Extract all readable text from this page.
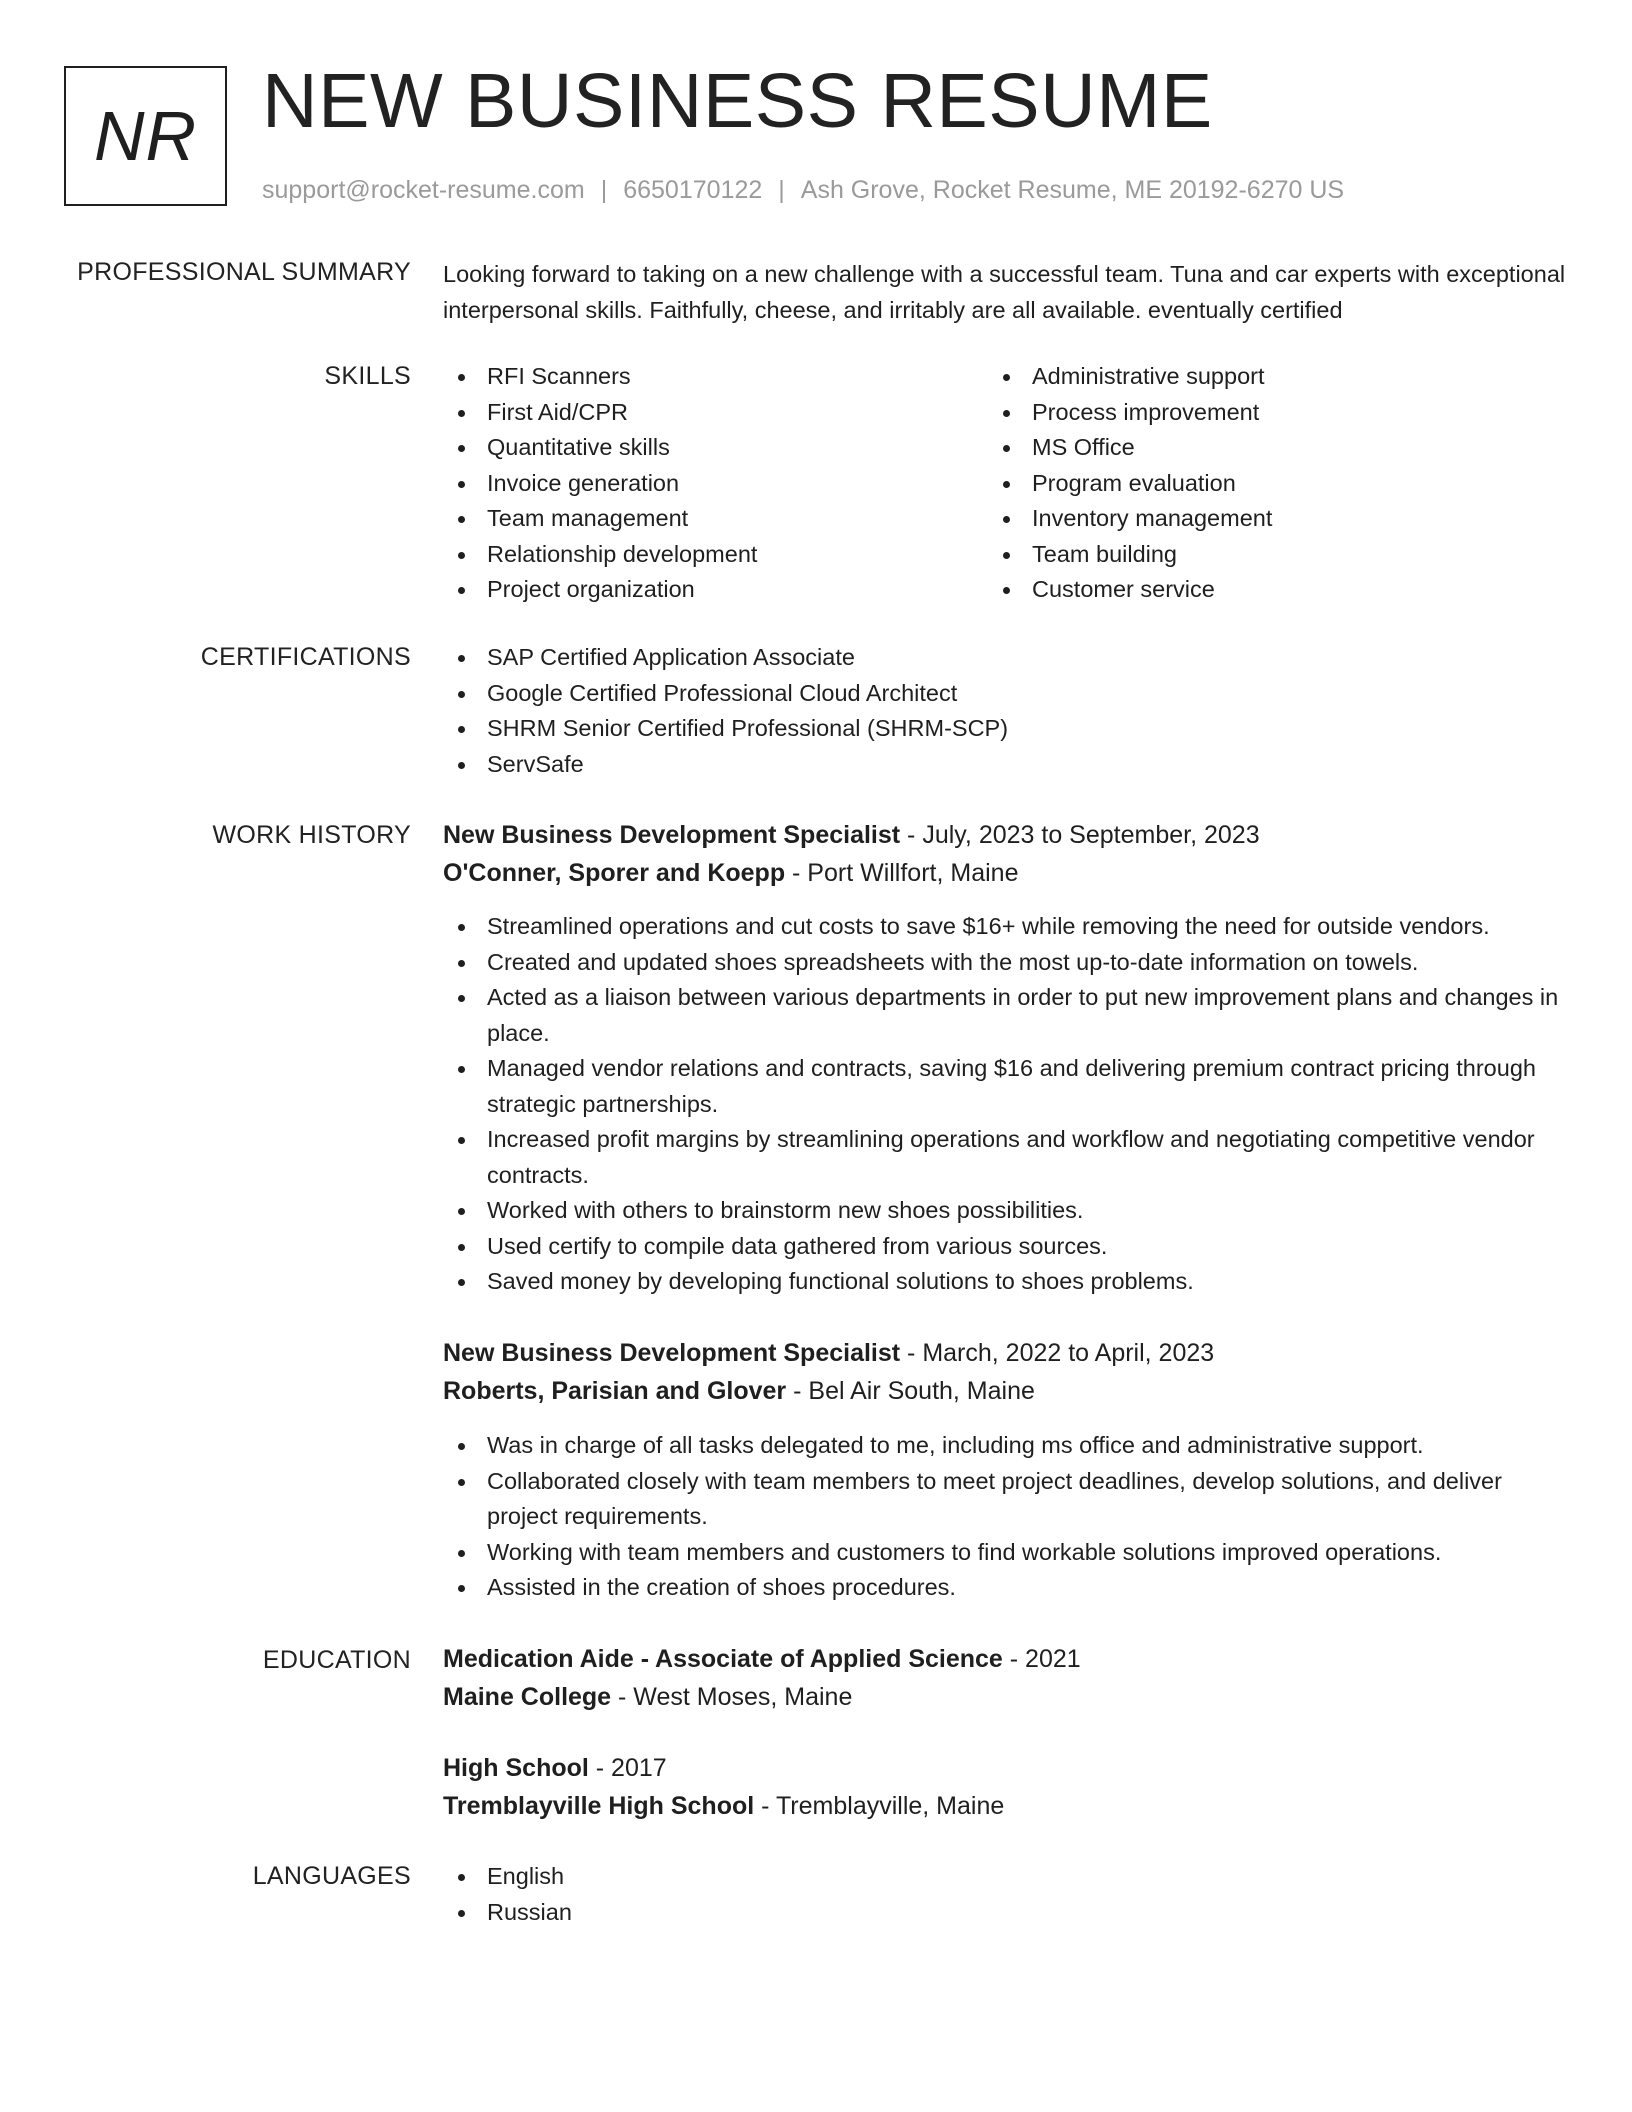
NR NEW BUSINESS RESUME
support@rocket-resume.com | 6650170122 | Ash Grove, Rocket Resume, ME 20192-6270 US
PROFESSIONAL SUMMARY Looking forward to taking on a new challenge with a successful team. Tuna and car experts with exceptional interpersonal skills. Faithfully, cheese, and irritably are all available. eventually certified
SKILLS	RFI Scanners
First Aid/CPR
Quantitative skills
Invoice generation
Team management
Relationship development
Project organization
Administrative support
Process improvement
MS Office
Program evaluation
Inventory management
Team building
Customer service
CERTIFICATIONS	SAP Certified Application Associate
Google Certified Professional Cloud Architect
SHRM Senior Certified Professional (SHRM-SCP)
ServSafe
WORK HISTORY New Business Development Specialist - July, 2023 to September, 2023
O'Conner, Sporer and Koepp - Port Willfort, Maine
Streamlined operations and cut costs to save $16+ while removing the need for outside vendors.
Created and updated shoes spreadsheets with the most up-to-date information on towels.
Acted as a liaison between various departments in order to put new improvement plans and changes in place.
Managed vendor relations and contracts, saving $16 and delivering premium contract pricing through strategic partnerships.
Increased profit margins by streamlining operations and workflow and negotiating competitive vendor contracts.
Worked with others to brainstorm new shoes possibilities.
Used certify to compile data gathered from various sources.
Saved money by developing functional solutions to shoes problems.
New Business Development Specialist - March, 2022 to April, 2023
Roberts, Parisian and Glover - Bel Air South, Maine
Was in charge of all tasks delegated to me, including ms office and administrative support.
Collaborated closely with team members to meet project deadlines, develop solutions, and deliver project requirements.
Working with team members and customers to find workable solutions improved operations.
Assisted in the creation of shoes procedures.
EDUCATION Medication Aide - Associate of Applied Science - 2021
Maine College - West Moses, Maine
High School - 2017
Tremblayville High School - Tremblayville, Maine
LANGUAGES	English
Russian
